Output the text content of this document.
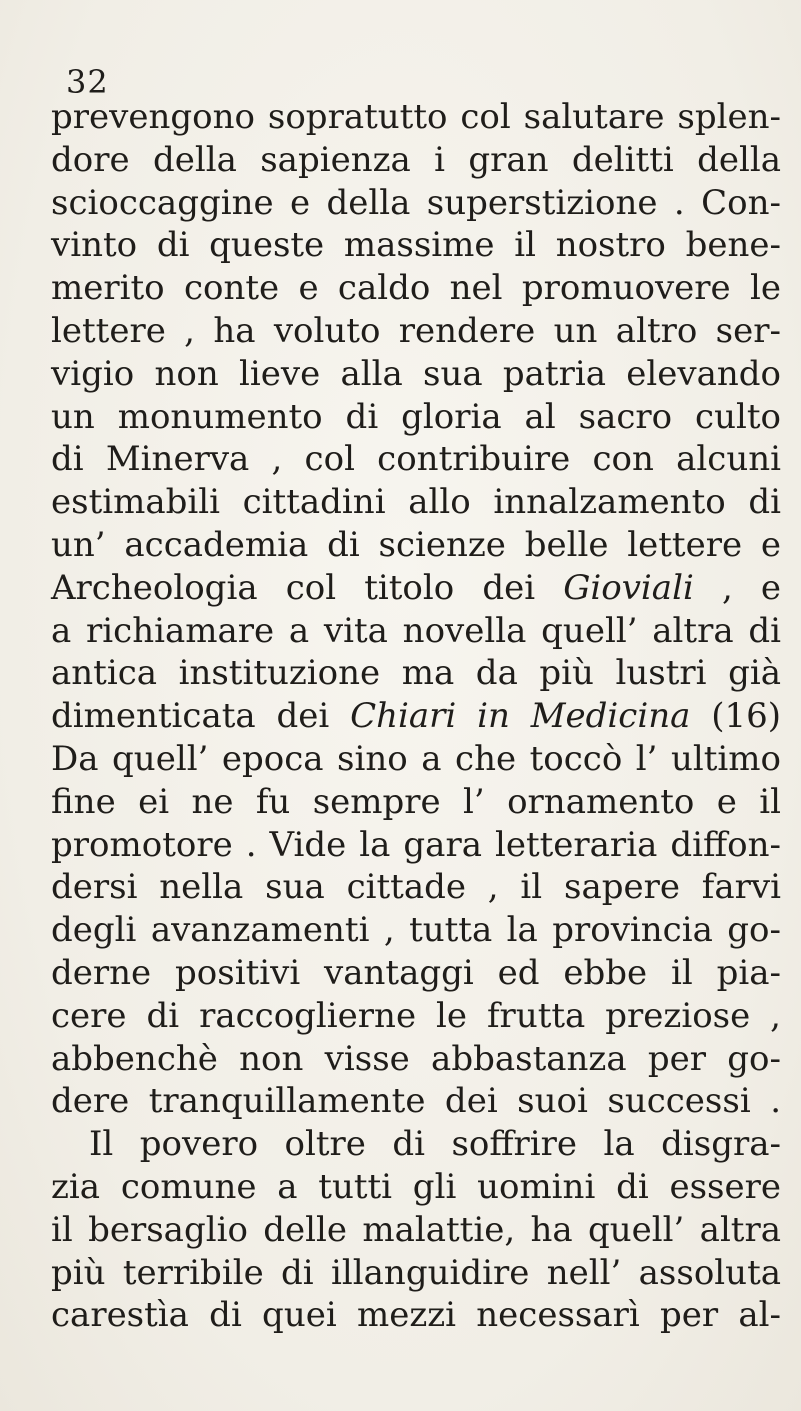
32
prevengono sopratutto col salutare splen-
dore della sapienza i gran delitti della
scioccaggine e della superstizione . Con-
vinto di queste massime il nostro bene-
merito conte e caldo nel promuovere le
lettere , ha voluto rendere un altro ser-
vigio non lieve alla sua patria elevando
un monumento di gloria al sacro culto
di Minerva , col contribuire con alcuni
estimabili cittadini allo innalzamento di
un’ accademia di scienze belle lettere e
Archeologia col titolo dei Gioviali , e
a richiamare a vita novella quell’ altra di
antica instituzione ma da più lustri già
dimenticata dei Chiari in Medicina (16)
Da quell’ epoca sino a che toccò l’ ultimo
fine ei ne fu sempre l’ ornamento e il
promotore . Vide la gara letteraria diffon-
dersi nella sua cittade , il sapere farvi
degli avanzamenti , tutta la provincia go-
derne positivi vantaggi ed ebbe il pia-
cere di raccoglierne le frutta preziose ,
abbenchè non visse abbastanza per go-
dere tranquillamente dei suoi successi .
Il povero oltre di soffrire la disgra-
zia comune a tutti gli uomini di essere
il bersaglio delle malattie, ha quell’ altra
più terribile di illanguidire nell’ assoluta
carestìa di quei mezzi necessarì per al-
